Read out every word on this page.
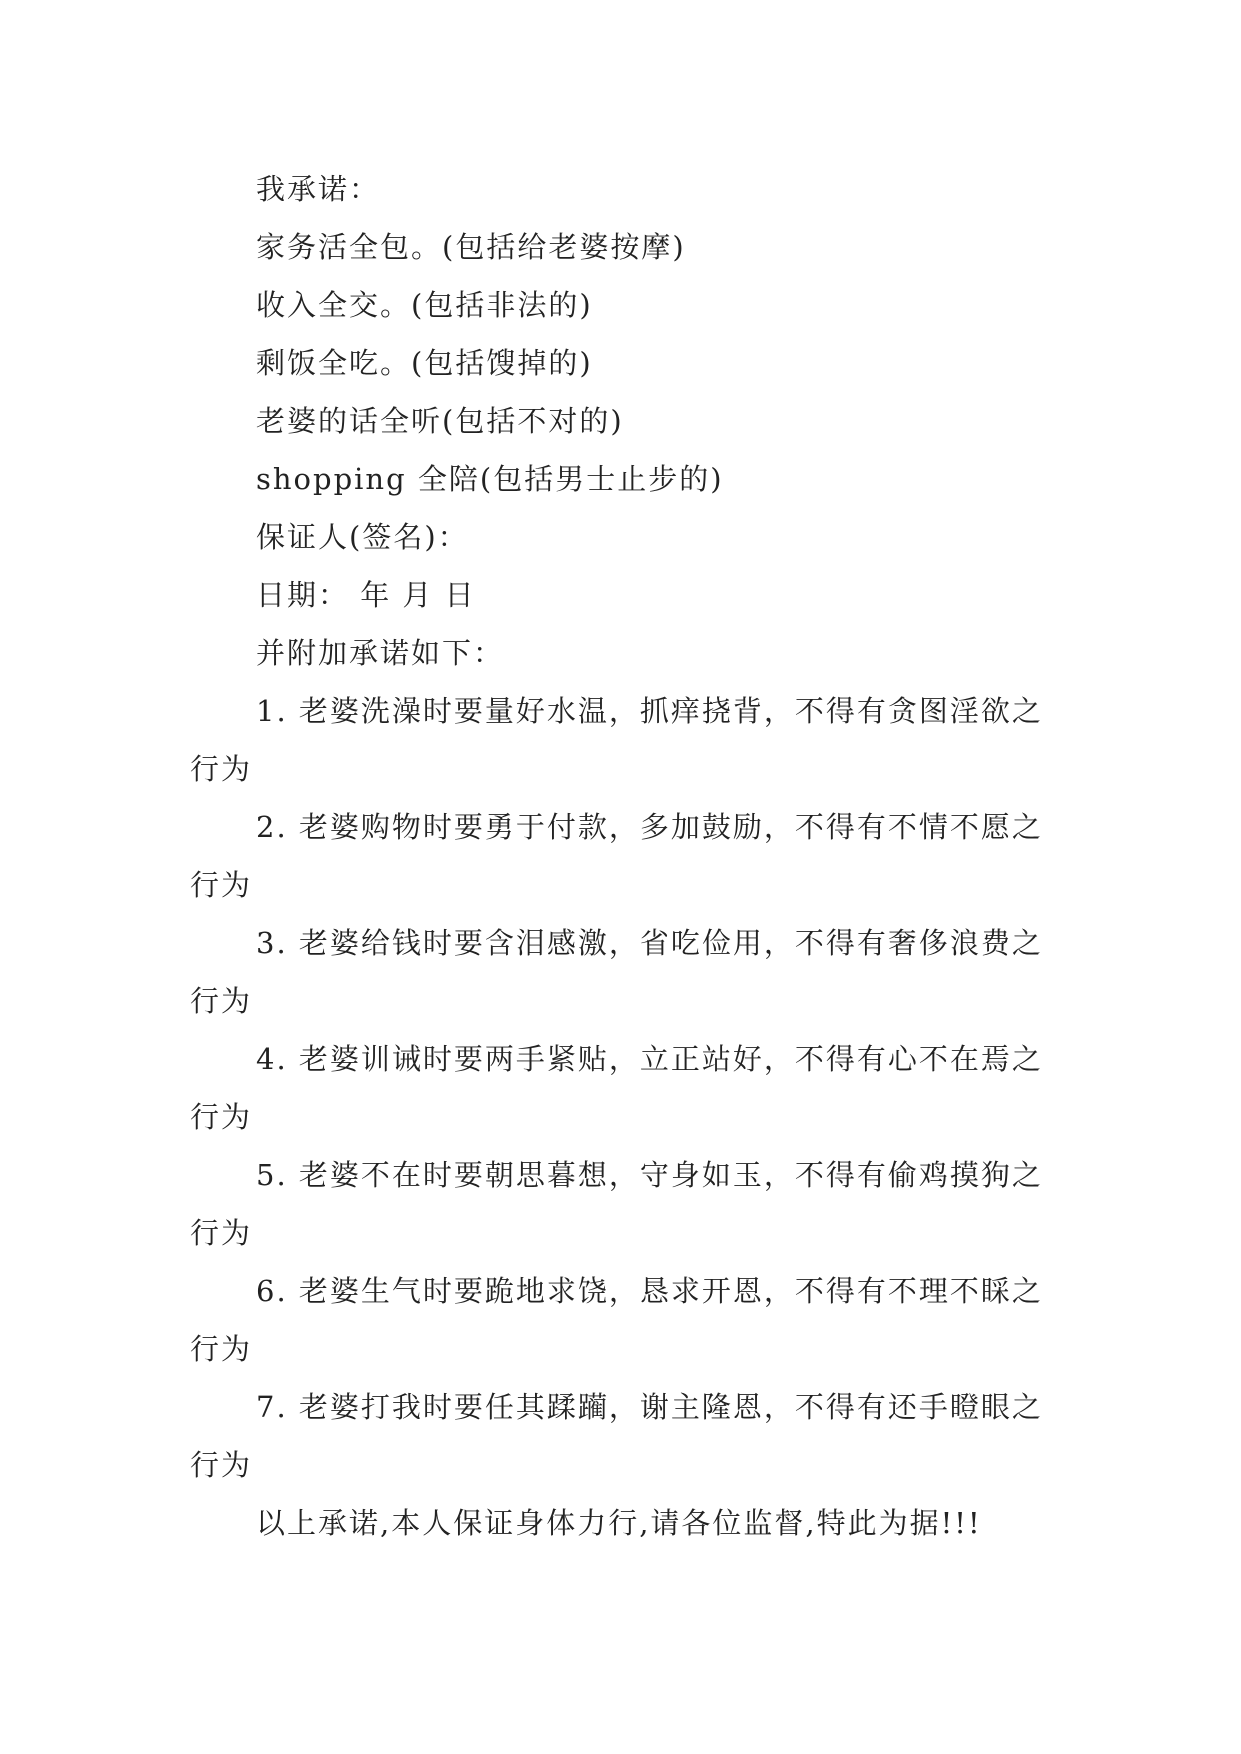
我承诺：

家务活全包。(包括给老婆按摩)

收入全交。(包括非法的)

剩饭全吃。(包括馊掉的)

老婆的话全听(包括不对的)

shopping 全陪(包括男士止步的)

保证人(签名)：

日期： 年 月 日

并附加承诺如下：

1. 老婆洗澡时要量好水温，抓痒挠背，不得有贪图淫欲之行为

2. 老婆购物时要勇于付款，多加鼓励，不得有不情不愿之行为

3. 老婆给钱时要含泪感激，省吃俭用，不得有奢侈浪费之行为

4. 老婆训诫时要两手紧贴，立正站好，不得有心不在焉之行为

5. 老婆不在时要朝思暮想，守身如玉，不得有偷鸡摸狗之行为

6. 老婆生气时要跪地求饶，恳求开恩，不得有不理不睬之行为

7. 老婆打我时要任其蹂躏，谢主隆恩，不得有还手瞪眼之行为

以上承诺,本人保证身体力行,请各位监督,特此为据!!!
